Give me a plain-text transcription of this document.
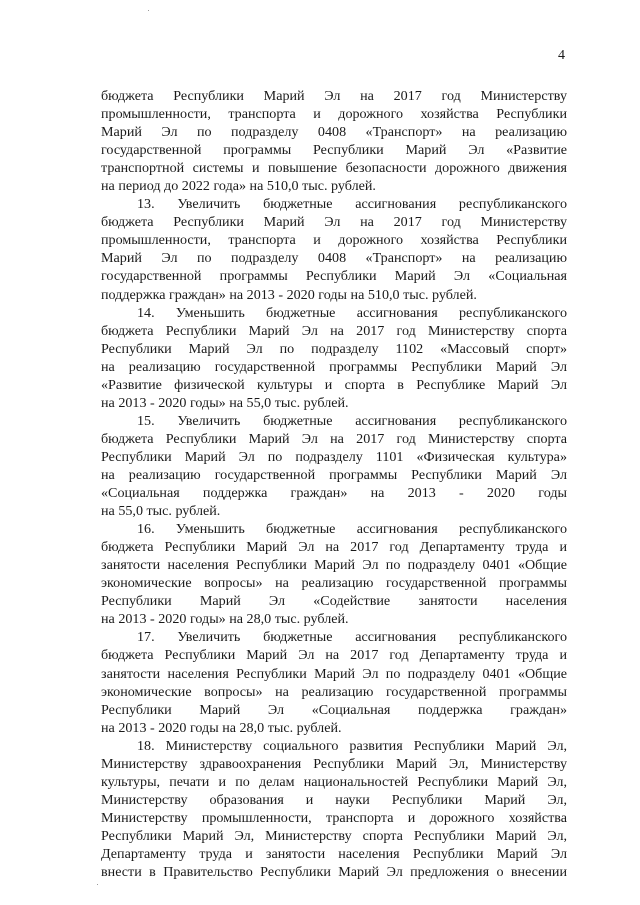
4
бюджета Республики Марий Эл на 2017 год Министерству
промышленности, транспорта и дорожного хозяйства Республики
Марий Эл по подразделу 0408 «Транспорт» на реализацию
государственной программы Республики Марий Эл «Развитие
транспортной системы и повышение безопасности дорожного движения
на период до 2022 года» на 510,0 тыс. рублей.
13. Увеличить бюджетные ассигнования республиканского
бюджета Республики Марий Эл на 2017 год Министерству
промышленности, транспорта и дорожного хозяйства Республики
Марий Эл по подразделу 0408 «Транспорт» на реализацию
государственной программы Республики Марий Эл «Социальная
поддержка граждан» на 2013 - 2020 годы на 510,0 тыс. рублей.
14. Уменьшить бюджетные ассигнования республиканского
бюджета Республики Марий Эл на 2017 год Министерству спорта
Республики Марий Эл по подразделу 1102 «Массовый спорт»
на реализацию государственной программы Республики Марий Эл
«Развитие физической культуры и спорта в Республике Марий Эл
на 2013 - 2020 годы» на 55,0 тыс. рублей.
15. Увеличить бюджетные ассигнования республиканского
бюджета Республики Марий Эл на 2017 год Министерству спорта
Республики Марий Эл по подразделу 1101 «Физическая культура»
на реализацию государственной программы Республики Марий Эл
«Социальная поддержка граждан» на 2013 - 2020 годы
на 55,0 тыс. рублей.
16. Уменьшить бюджетные ассигнования республиканского
бюджета Республики Марий Эл на 2017 год Департаменту труда и
занятости населения Республики Марий Эл по подразделу 0401 «Общие
экономические вопросы» на реализацию государственной программы
Республики Марий Эл «Содействие занятости населения
на 2013 - 2020 годы» на 28,0 тыс. рублей.
17. Увеличить бюджетные ассигнования республиканского
бюджета Республики Марий Эл на 2017 год Департаменту труда и
занятости населения Республики Марий Эл по подразделу 0401 «Общие
экономические вопросы» на реализацию государственной программы
Республики Марий Эл «Социальная поддержка граждан»
на 2013 - 2020 годы на 28,0 тыс. рублей.
18. Министерству социального развития Республики Марий Эл,
Министерству здравоохранения Республики Марий Эл, Министерству
культуры, печати и по делам национальностей Республики Марий Эл,
Министерству образования и науки Республики Марий Эл,
Министерству промышленности, транспорта и дорожного хозяйства
Республики Марий Эл, Министерству спорта Республики Марий Эл,
Департаменту труда и занятости населения Республики Марий Эл
внести в Правительство Республики Марий Эл предложения о внесении
